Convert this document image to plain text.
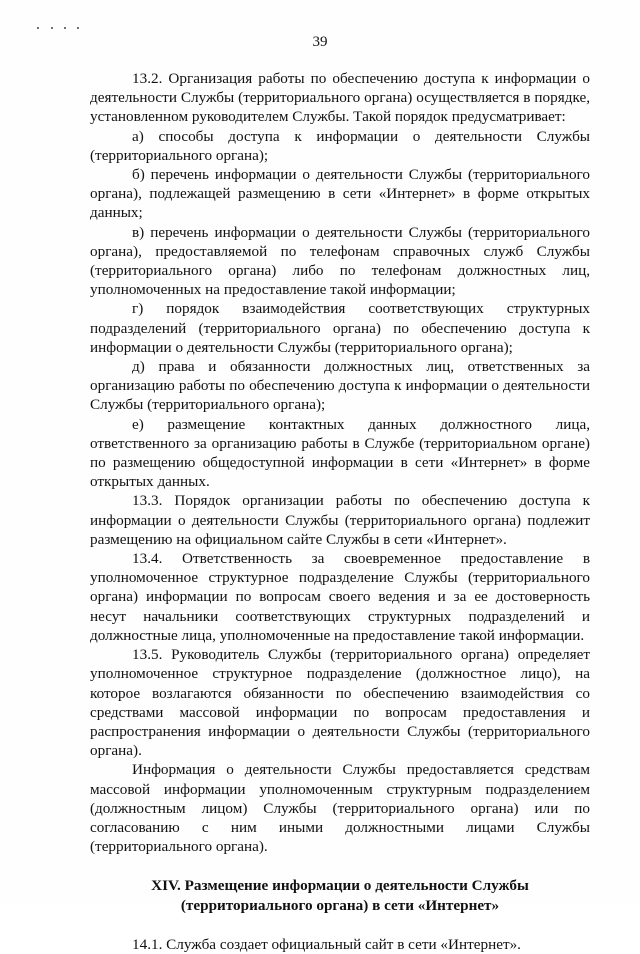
39

13.2. Организация работы по обеспечению доступа к информации о деятельности Службы (территориального органа) осуществляется в порядке, установленном руководителем Службы. Такой порядок предусматривает:

а) способы доступа к информации о деятельности Службы (территориального органа);

б) перечень информации о деятельности Службы (территориального органа), подлежащей размещению в сети «Интернет» в форме открытых данных;

в) перечень информации о деятельности Службы (территориального органа), предоставляемой по телефонам справочных служб Службы (территориального органа) либо по телефонам должностных лиц, уполномоченных на предоставление такой информации;

г) порядок взаимодействия соответствующих структурных подразделений (территориального органа) по обеспечению доступа к информации о деятельности Службы (территориального органа);

д) права и обязанности должностных лиц, ответственных за организацию работы по обеспечению доступа к информации о деятельности Службы (территориального органа);

е) размещение контактных данных должностного лица, ответственного за организацию работы в Службе (территориальном органе) по размещению общедоступной информации в сети «Интернет» в форме открытых данных.

13.3. Порядок организации работы по обеспечению доступа к информации о деятельности Службы (территориального органа) подлежит размещению на официальном сайте Службы в сети «Интернет».

13.4. Ответственность за своевременное предоставление в уполномоченное структурное подразделение Службы (территориального органа) информации по вопросам своего ведения и за ее достоверность несут начальники соответствующих структурных подразделений и должностные лица, уполномоченные на предоставление такой информации.

13.5. Руководитель Службы (территориального органа) определяет уполномоченное структурное подразделение (должностное лицо), на которое возлагаются обязанности по обеспечению взаимодействия со средствами массовой информации по вопросам предоставления и распространения информации о деятельности Службы (территориального органа).

Информация о деятельности Службы предоставляется средствам массовой информации уполномоченным структурным подразделением (должностным лицом) Службы (территориального органа) или по согласованию с ним иными должностными лицами Службы (территориального органа).

XIV. Размещение информации о деятельности Службы
(территориального органа) в сети «Интернет»

14.1. Служба создает официальный сайт в сети «Интернет».
